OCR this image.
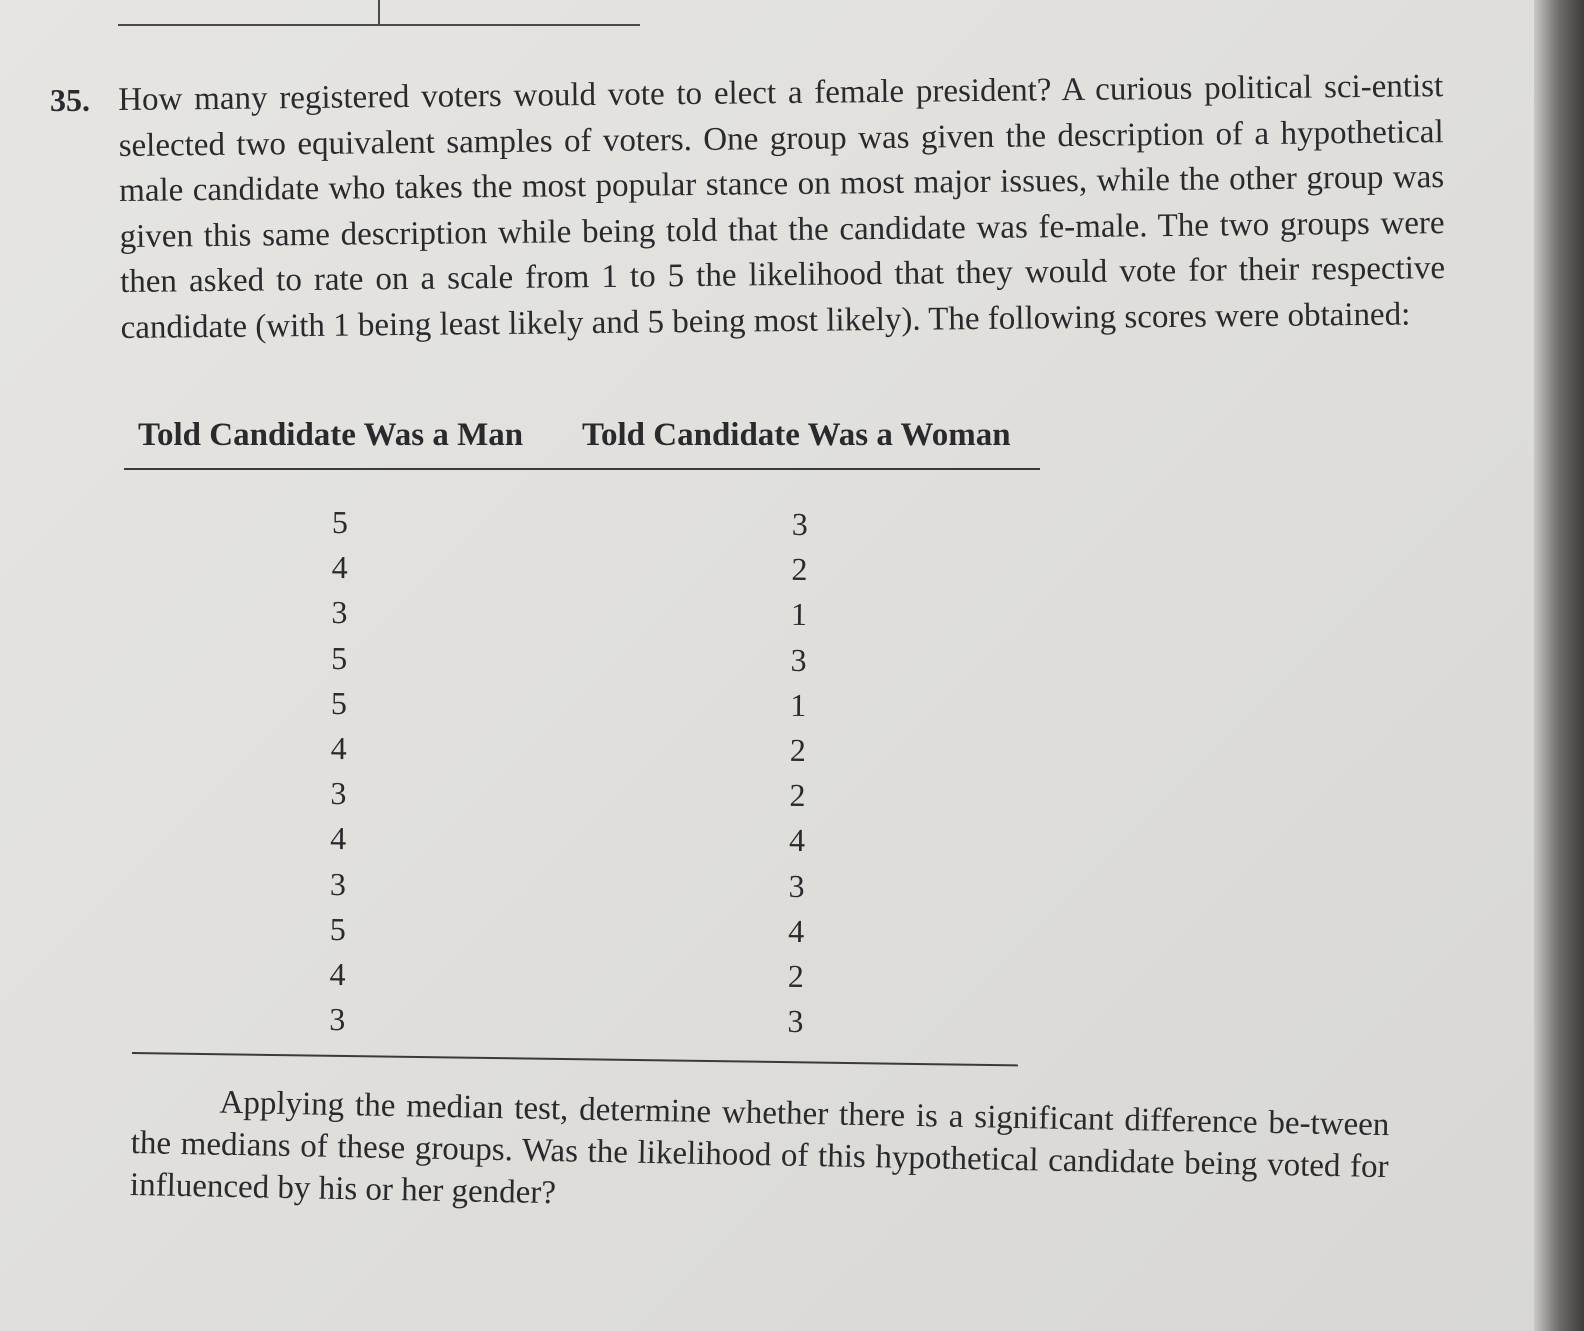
35. How many registered voters would vote to elect a female president? A curious political sci-entist selected two equivalent samples of voters. One group was given the description of a hypothetical male candidate who takes the most popular stance on most major issues, while the other group was given this same description while being told that the candidate was fe-male. The two groups were then asked to rate on a scale from 1 to 5 the likelihood that they would vote for their respective candidate (with 1 being least likely and 5 being most likely). The following scores were obtained:
Told Candidate Was a Man Told Candidate Was a Woman
5
4
3
5
5
4
3
4
3
5
4
3
3
2
1
3
1
2
2
4
3
4
2
3
Applying the median test, determine whether there is a significant difference be-tween the medians of these groups. Was the likelihood of this hypothetical candidate being voted for influenced by his or her gender?
